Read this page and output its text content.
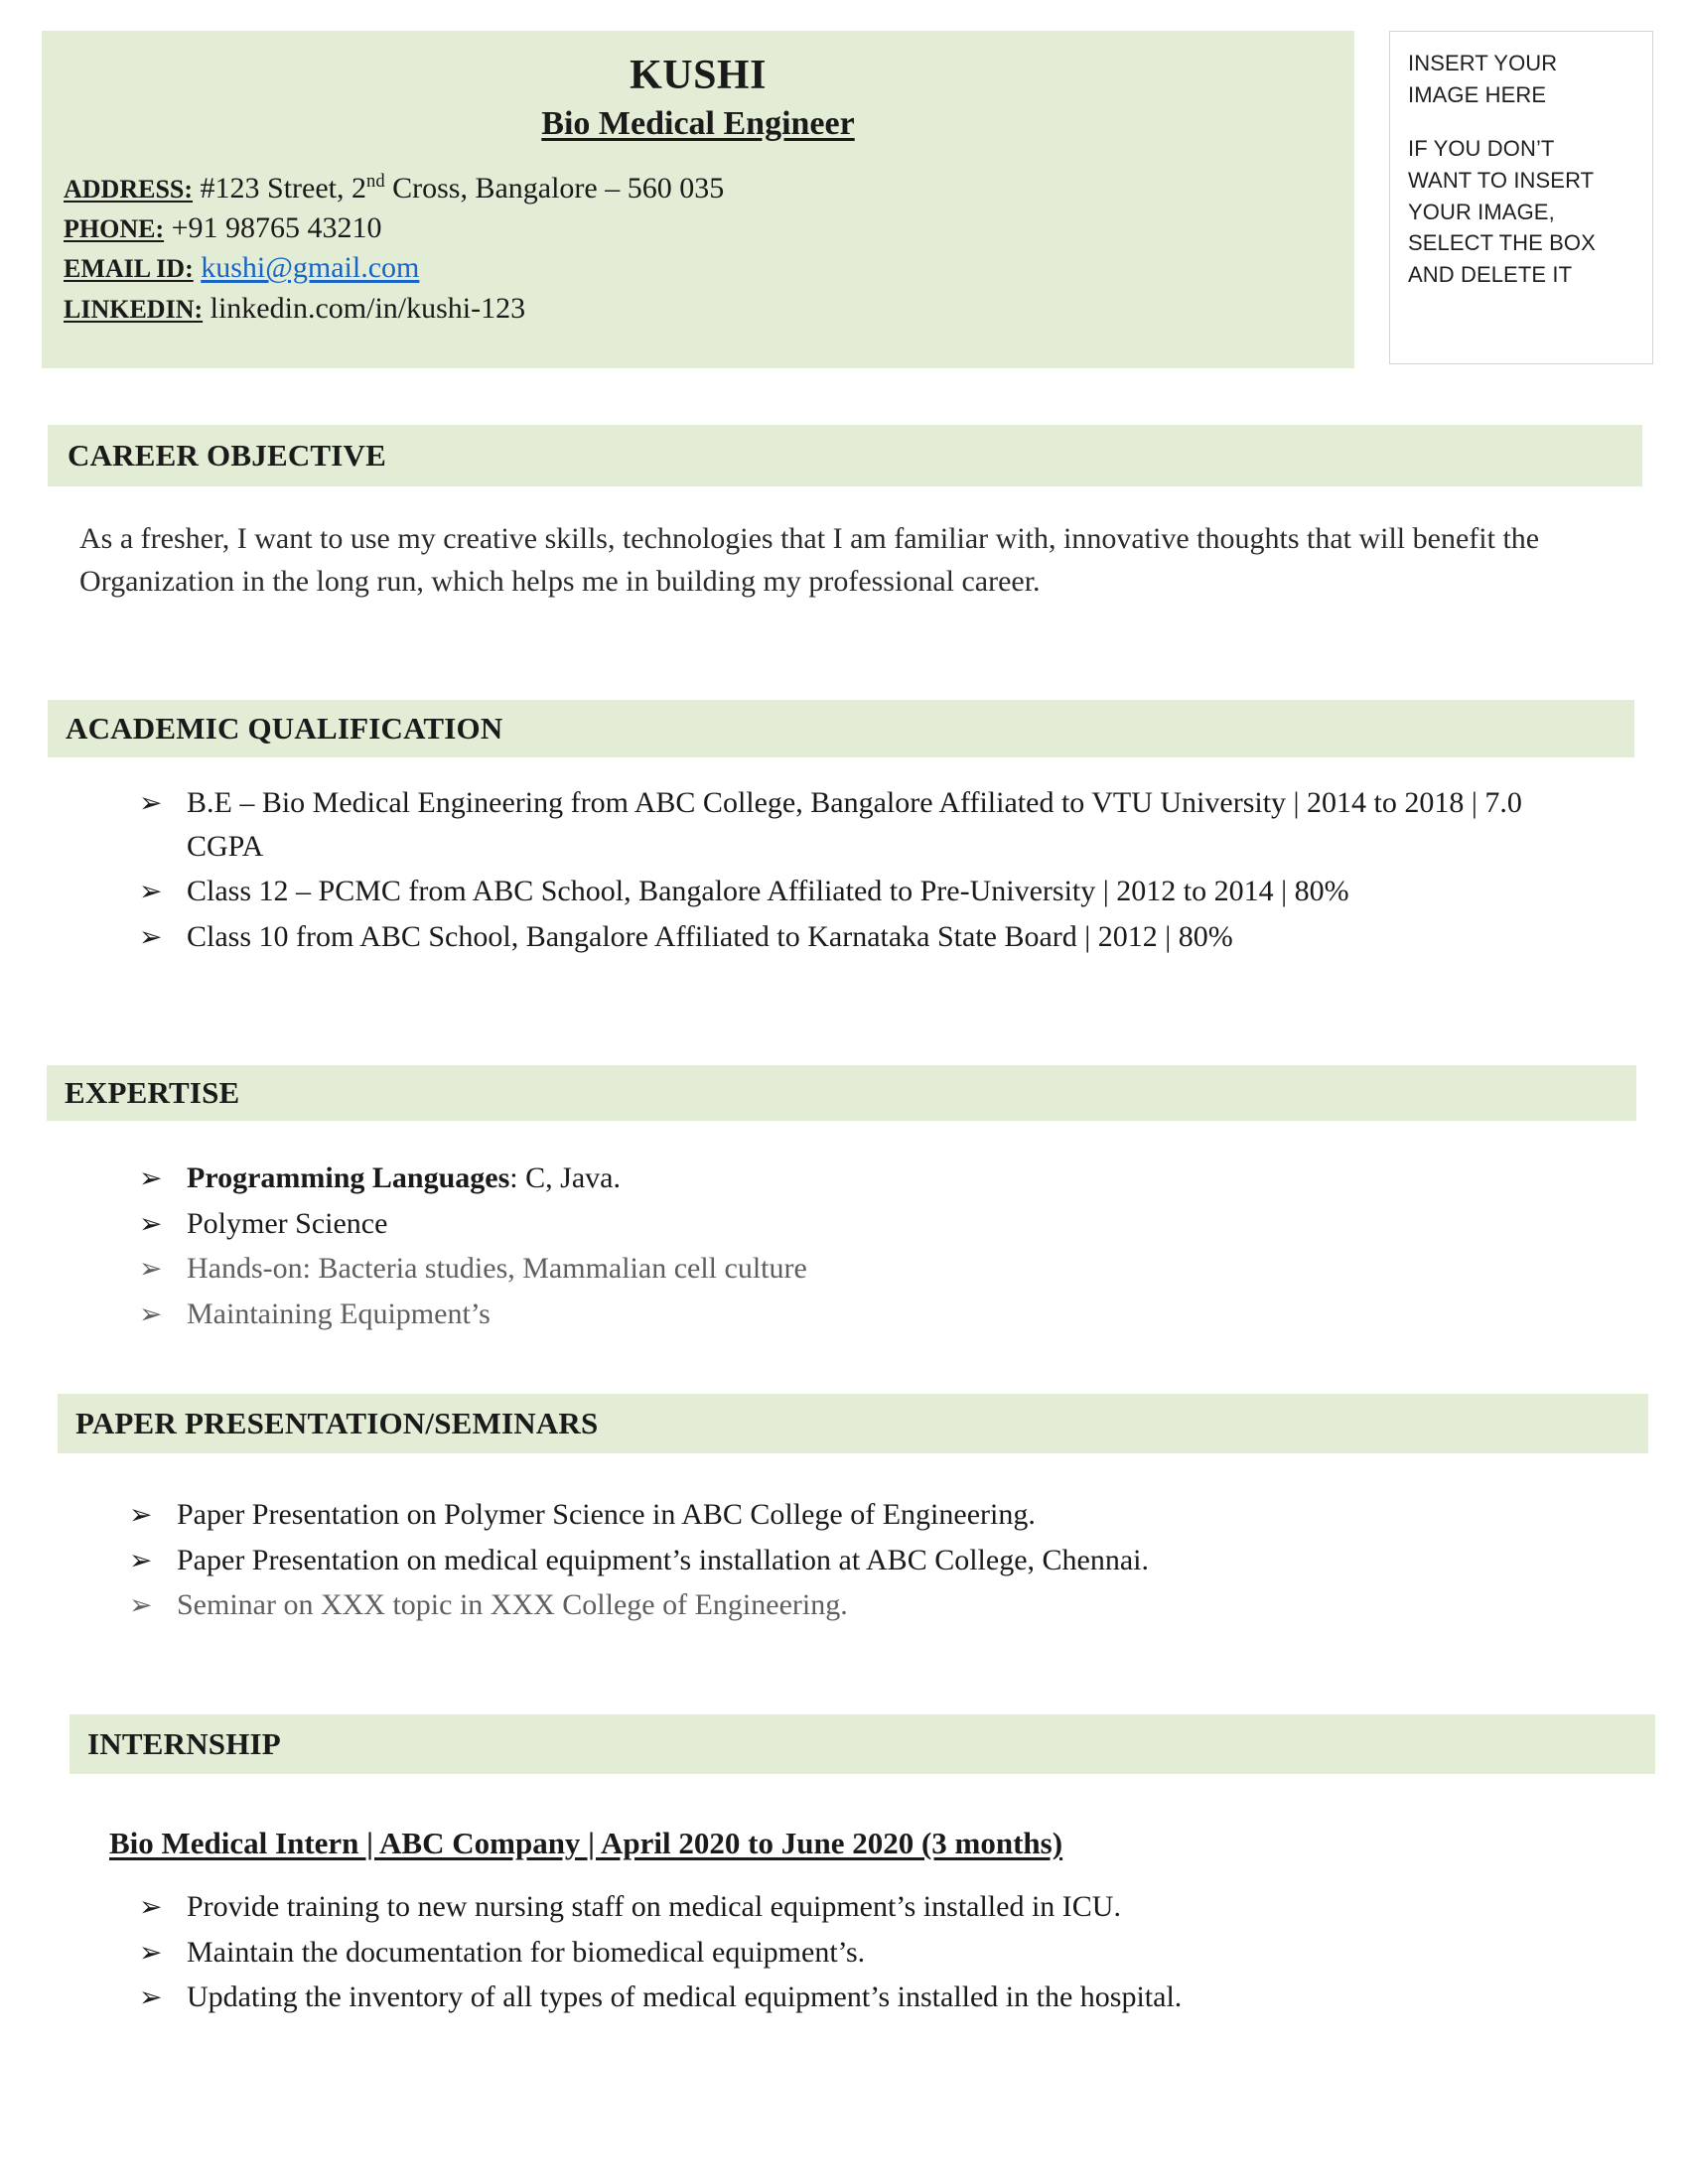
KUSHI
Bio Medical Engineer
ADDRESS: #123 Street, 2nd Cross, Bangalore – 560 035
PHONE: +91 98765 43210
EMAIL ID: kushi@gmail.com
LINKEDIN: linkedin.com/in/kushi-123

INSERT YOUR

IMAGE HERE

IF YOU DON’T

WANT TO INSERT

YOUR IMAGE,

SELECT THE BOX

AND DELETE IT

CAREER OBJECTIVE
As a fresher, I want to use my creative skills, technologies that I am familiar with, innovative thoughts that will benefit the Organization in the long run, which helps me in building my professional career.
ACADEMIC QUALIFICATION
➢ B.E – Bio Medical Engineering from ABC College, Bangalore Affiliated to VTU University | 2014 to 2018 | 7.0 CGPA
➢ Class 12 – PCMC from ABC School, Bangalore Affiliated to Pre-University | 2012 to 2014 | 80%
➢ Class 10 from ABC School, Bangalore Affiliated to Karnataka State Board | 2012 | 80%
EXPERTISE
➢ Programming Languages: C, Java.
➢ Polymer Science
➢ Hands-on: Bacteria studies, Mammalian cell culture
➢ Maintaining Equipment’s
PAPER PRESENTATION/SEMINARS
➢ Paper Presentation on Polymer Science in ABC College of Engineering.
➢ Paper Presentation on medical equipment’s installation at ABC College, Chennai.
➢ Seminar on XXX topic in XXX College of Engineering.
INTERNSHIP
Bio Medical Intern | ABC Company | April 2020 to June 2020 (3 months)
➢ Provide training to new nursing staff on medical equipment’s installed in ICU.
➢ Maintain the documentation for biomedical equipment’s.
➢ Updating the inventory of all types of medical equipment’s installed in the hospital.
